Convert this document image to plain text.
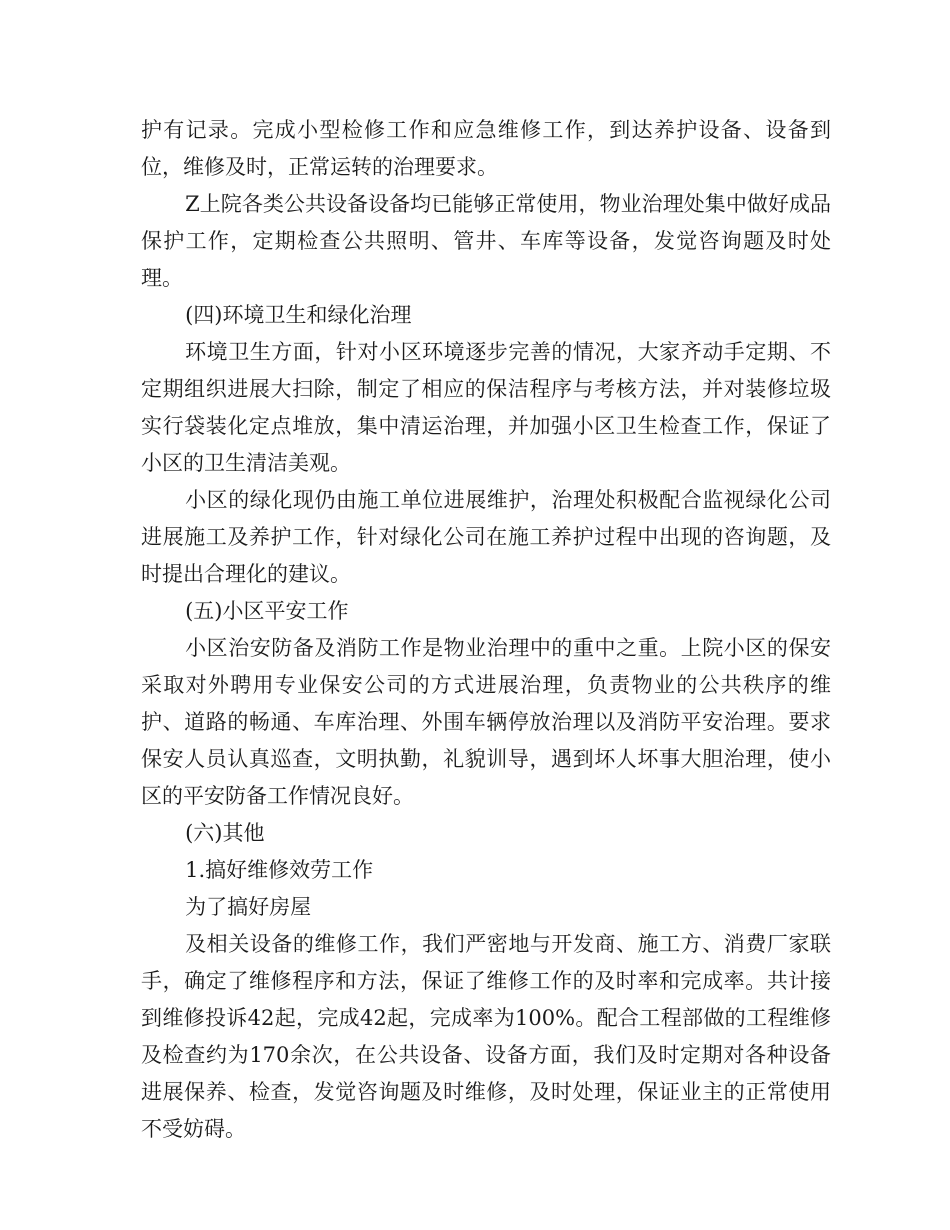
护有记录。完成小型检修工作和应急维修工作，到达养护设备、设备到位，维修及时，正常运转的治理要求。

Z上院各类公共设备设备均已能够正常使用，物业治理处集中做好成品保护工作，定期检查公共照明、管井、车库等设备，发觉咨询题及时处理。

(四)环境卫生和绿化治理

环境卫生方面，针对小区环境逐步完善的情况，大家齐动手定期、不定期组织进展大扫除，制定了相应的保洁程序与考核方法，并对装修垃圾实行袋装化定点堆放，集中清运治理，并加强小区卫生检查工作，保证了小区的卫生清洁美观。

小区的绿化现仍由施工单位进展维护，治理处积极配合监视绿化公司进展施工及养护工作，针对绿化公司在施工养护过程中出现的咨询题，及时提出合理化的建议。

(五)小区平安工作

小区治安防备及消防工作是物业治理中的重中之重。上院小区的保安采取对外聘用专业保安公司的方式进展治理，负责物业的公共秩序的维护、道路的畅通、车库治理、外围车辆停放治理以及消防平安治理。要求保安人员认真巡查，文明执勤，礼貌训导，遇到坏人坏事大胆治理，使小区的平安防备工作情况良好。

(六)其他

1.搞好维修效劳工作

为了搞好房屋

及相关设备的维修工作，我们严密地与开发商、施工方、消费厂家联手，确定了维修程序和方法，保证了维修工作的及时率和完成率。共计接到维修投诉42起，完成42起，完成率为100%。配合工程部做的工程维修及检查约为170余次，在公共设备、设备方面，我们及时定期对各种设备进展保养、检查，发觉咨询题及时维修，及时处理，保证业主的正常使用不受妨碍。
